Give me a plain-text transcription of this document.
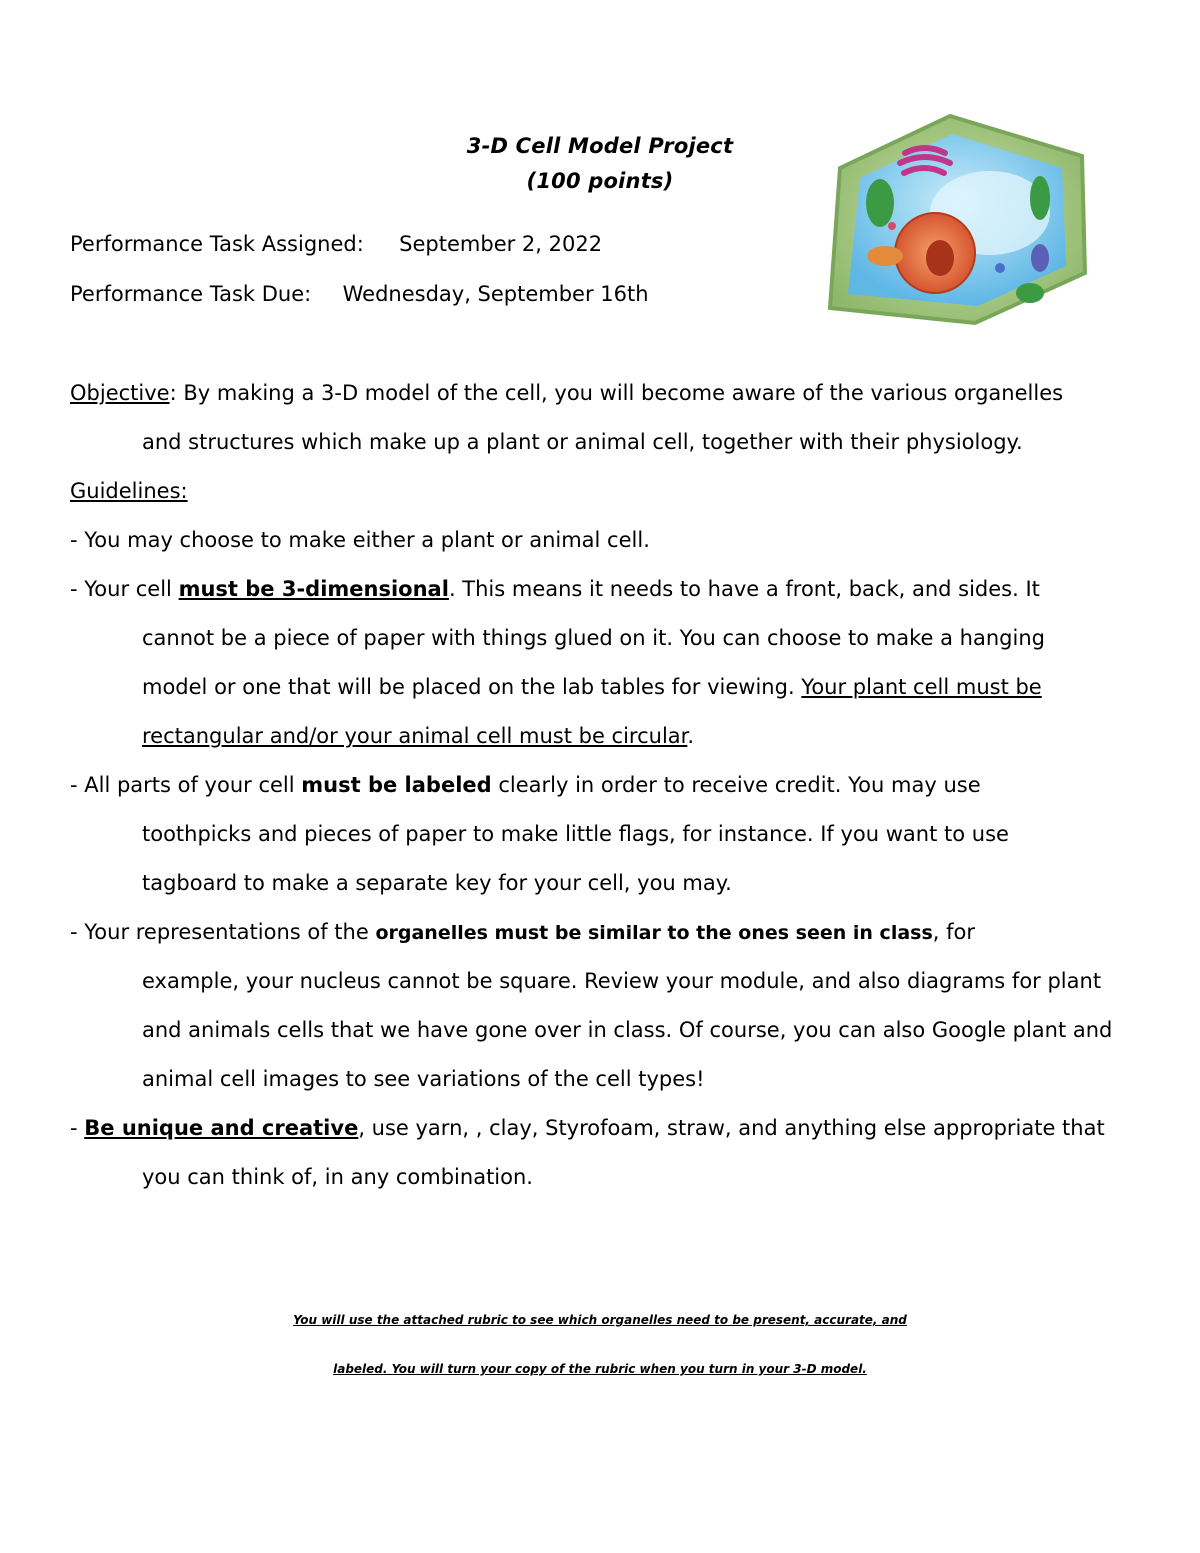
3-D Cell Model Project
(100 points)
Performance Task Assigned: September 2, 2022
Performance Task Due: Wednesday, September 16th
Objective: By making a 3-D model of the cell, you will become aware of the various organelles
and structures which make up a plant or animal cell, together with their physiology.
Guidelines:
- You may choose to make either a plant or animal cell.
- Your cell must be 3-dimensional. This means it needs to have a front, back, and sides. It
cannot be a piece of paper with things glued on it. You can choose to make a hanging
model or one that will be placed on the lab tables for viewing. Your plant cell must be
rectangular and/or your animal cell must be circular.
- All parts of your cell must be labeled clearly in order to receive credit. You may use
toothpicks and pieces of paper to make little flags, for instance. If you want to use
tagboard to make a separate key for your cell, you may.
- Your representations of the organelles must be similar to the ones seen in class, for
example, your nucleus cannot be square. Review your module, and also diagrams for plant
and animals cells that we have gone over in class. Of course, you can also Google plant and
animal cell images to see variations of the cell types!
- Be unique and creative, use yarn, , clay, Styrofoam, straw, and anything else appropriate that
you can think of, in any combination.
You will use the attached rubric to see which organelles need to be present, accurate, and
labeled. You will turn your copy of the rubric when you turn in your 3-D model.
